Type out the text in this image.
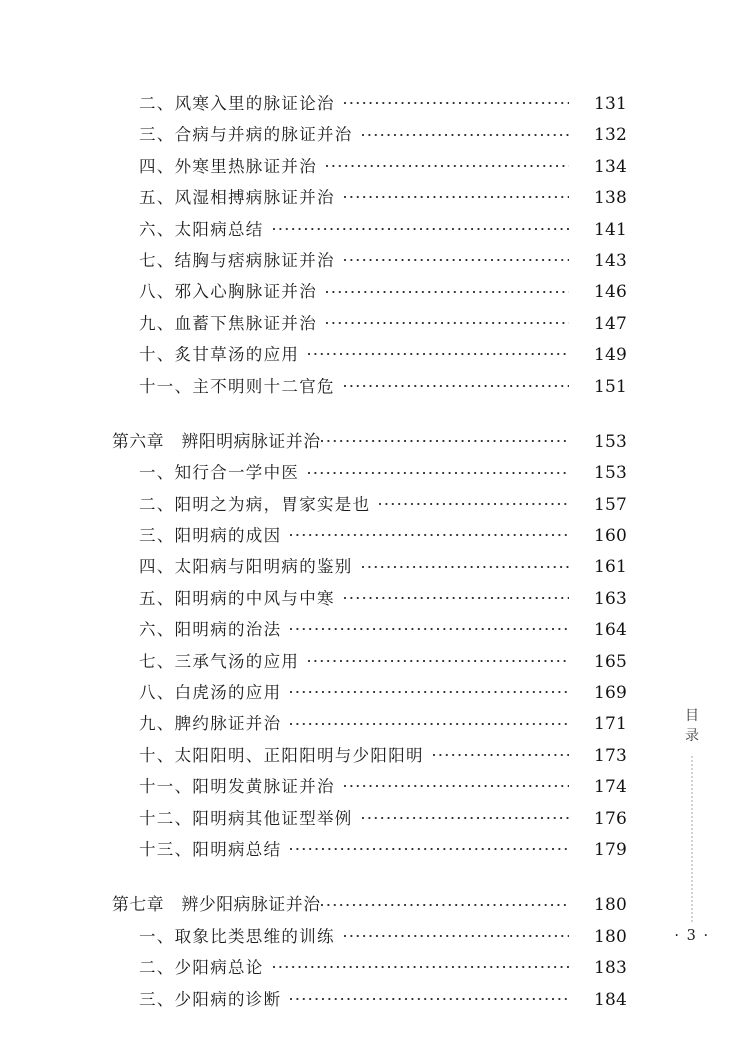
二、风寒入里的脉证论治	131
三、合病与并病的脉证并治	132
四、外寒里热脉证并治	134
五、风湿相搏病脉证并治	138
六、太阳病总结	141
七、结胸与痞病脉证并治	143
八、邪入心胸脉证并治	146
九、血蓄下焦脉证并治	147
十、炙甘草汤的应用	149
十一、主不明则十二官危	151
第六章　辨阳明病脉证并治	153
一、知行合一学中医	153
二、阳明之为病，胃家实是也	157
三、阳明病的成因	160
四、太阳病与阳明病的鉴别	161
五、阳明病的中风与中寒	163
六、阳明病的治法	164
七、三承气汤的应用	165
八、白虎汤的应用	169
九、脾约脉证并治	171
十、太阳阳明、正阳阳明与少阳阳明	173
十一、阳明发黄脉证并治	174
十二、阳明病其他证型举例	176
十三、阳明病总结	179
第七章　辨少阳病脉证并治	180
一、取象比类思维的训练	180
二、少阳病总论	183
三、少阳病的诊断	184
目
录
· 3 ·
